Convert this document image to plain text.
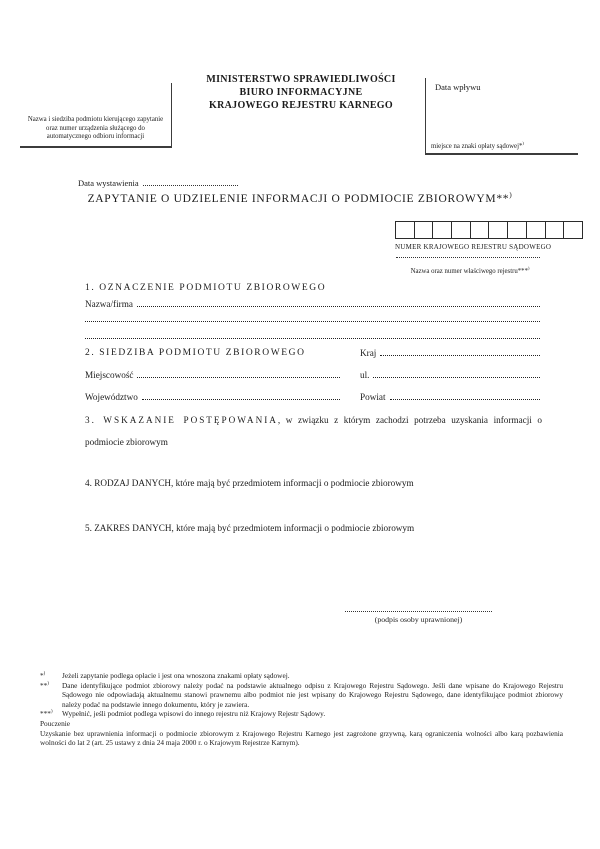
MINISTERSTWO SPRAWIEDLIWOŚCI
BIURO INFORMACYJNE
KRAJOWEGO REJESTRU KARNEGO
Nazwa i siedziba podmiotu kierującego zapytanie oraz numer urządzenia służącego do automatycznego odbioru informacji
Data wpływu
miejsce na znaki opłaty sądowej*)
Data wystawienia
ZAPYTANIE O UDZIELENIE INFORMACJI O PODMIOCIE ZBIOROWYM**)
NUMER KRAJOWEGO REJESTRU SĄDOWEGO
Nazwa oraz numer właściwego rejestru***)
1. OZNACZENIE PODMIOTU ZBIOROWEGO
Nazwa/firma
2. SIEDZIBA PODMIOTU ZBIOROWEGO	Kraj
Miejscowość	ul.
Województwo	Powiat
3. WSKAZANIE POSTĘPOWANIA, w związku z którym zachodzi potrzeba uzyskania informacji o podmiocie zbiorowym
4. RODZAJ DANYCH, które mają być przedmiotem informacji o podmiocie zbiorowym
5. ZAKRES DANYCH, które mają być przedmiotem informacji o podmiocie zbiorowym
(podpis osoby uprawnionej)
*)	Jeżeli zapytanie podlega opłacie i jest ona wnoszona znakami opłaty sądowej.
**)	Dane identyfikujące podmiot zbiorowy należy podać na podstawie aktualnego odpisu z Krajowego Rejestru Sądowego. Jeśli dane wpisane do Krajowego Rejestru Sądowego nie odpowiadają aktualnemu stanowi prawnemu albo podmiot nie jest wpisany do Krajowego Rejestru Sądowego, dane identyfikujące podmiot zbiorowy należy podać na podstawie innego dokumentu, który je zawiera.
***)	Wypełnić, jeśli podmiot podlega wpisowi do innego rejestru niż Krajowy Rejestr Sądowy.
Pouczenie
Uzyskanie bez uprawnienia informacji o podmiocie zbiorowym z Krajowego Rejestru Karnego jest zagrożone grzywną, karą ograniczenia wolności albo karą pozbawienia wolności do lat 2 (art. 25 ustawy z dnia 24 maja 2000 r. o Krajowym Rejestrze Karnym).
